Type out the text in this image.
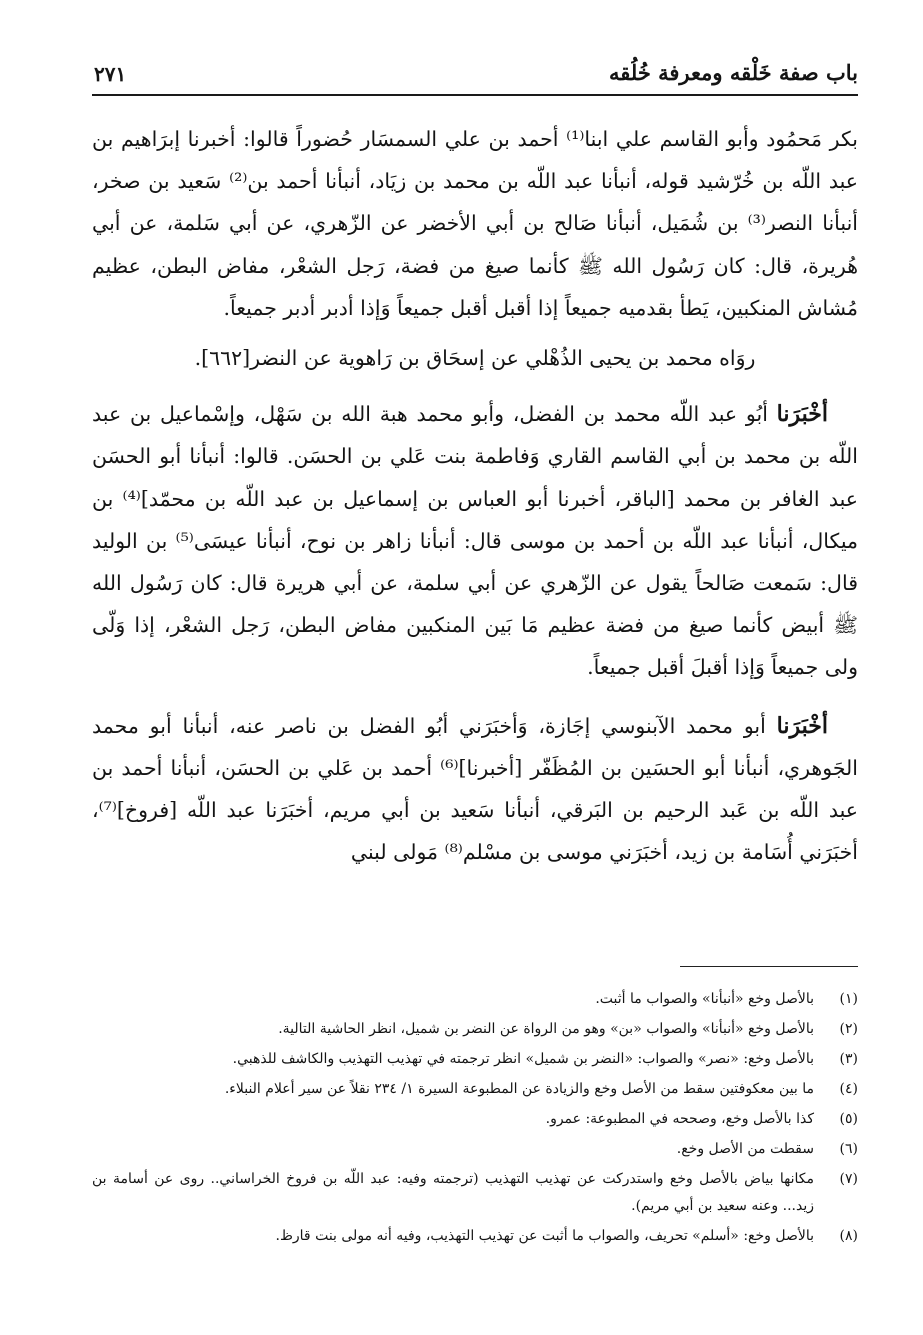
باب صفة خَلْقه ومعرفة خُلُقه
٢٧١

بكر مَحمُود وأبو القاسم علي ابنا⁽¹⁾ أحمد بن علي السمسَار حُضوراً قالوا: أخبرنا إبرَاهيم بن عبد اللّه بن خُرّشيد قوله، أنبأنا عبد اللّه بن محمد بن زيَاد، أنبأنا أحمد بن⁽²⁾ سَعيد بن صخر، أنبأنا النصر⁽³⁾ بن شُمَيل، أنبأنا صَالح بن أبي الأخضر عن الزّهري، عن أبي سَلمة، عن أبي هُريرة، قال: كان رَسُول الله ﷺ كأنما صيغ من فضة، رَجل الشعْر، مفاض البطن، عظيم مُشاش المنكبين، يَطأ بقدميه جميعاً إذا أقبل أقبل جميعاً وَإذا أدبر أدبر جميعاً.

روَاه محمد بن يحيى الذُهْلي عن إسحَاق بن رَاهوية عن النضر[٦٦٢].

أخْبَرَنا أبُو عبد اللّه محمد بن الفضل، وأبو محمد هبة الله بن سَهْل، وإسْماعيل بن عبد اللّه بن محمد بن أبي القاسم القاري وَفاطمة بنت عَلي بن الحسَن. قالوا: أنبأنا أبو الحسَن عبد الغافر بن محمد [الباقر، أخبرنا أبو العباس بن إسماعيل بن عبد اللّه بن محمّد]⁽⁴⁾ بن ميكال، أنبأنا عبد اللّه بن أحمد بن موسى قال: أنبأنا زاهر بن نوح، أنبأنا عيسَى⁽⁵⁾ بن الوليد قال: سَمعت صَالحاً يقول عن الزّهري عن أبي سلمة، عن أبي هريرة قال: كان رَسُول الله ﷺ أبيض كأنما صيغ من فضة عظيم مَا بَين المنكبين مفاض البطن، رَجل الشعْر، إذا وَلّى ولى جميعاً وَإذا أقبلَ أقبل جميعاً.

أخْبَرَنا أبو محمد الآبنوسي إجَازة، وَأخبَرَني أبُو الفضل بن ناصر عنه، أنبأنا أبو محمد الجَوهري، أنبأنا أبو الحسَين بن المُظَفّر [أخبرنا]⁽⁶⁾ أحمد بن عَلي بن الحسَن، أنبأنا أحمد بن عبد اللّه بن عَبد الرحيم بن البَرقي، أنبأنا سَعيد بن أبي مريم، أخبَرَنا عبد اللّه [فروخ]⁽⁷⁾، أخبَرَني أُسَامة بن زيد، أخبَرَني موسى بن مسْلم⁽⁸⁾ مَولى لبني

(١)
بالأصل وخع «أنبأنا» والصواب ما أثبت.
(٢)
بالأصل وخع «أنبأنا» والصواب «بن» وهو من الرواة عن النضر بن شميل، انظر الحاشية التالية.
(٣)
بالأصل وخع: «نصر» والصواب: «النضر بن شميل» انظر ترجمته في تهذيب التهذيب والكاشف للذهبي.
(٤)
ما بين معكوفتين سقط من الأصل وخع والزيادة عن المطبوعة السيرة ١/ ٢٣٤ نقلاً عن سير أعلام النبلاء.
(٥)
كذا بالأصل وخع، وصححه في المطبوعة: عمرو.
(٦)
سقطت من الأصل وخع.
(٧)
مكانها بياض بالأصل وخع واستدركت عن تهذيب التهذيب (ترجمته وفيه: عبد اللّه بن فروخ الخراساني.. روى عن أسامة بن زيد... وعنه سعيد بن أبي مريم).
(٨)
بالأصل وخع: «أسلم» تحريف، والصواب ما أثبت عن تهذيب التهذيب، وفيه أنه مولى بنت قارظ.
